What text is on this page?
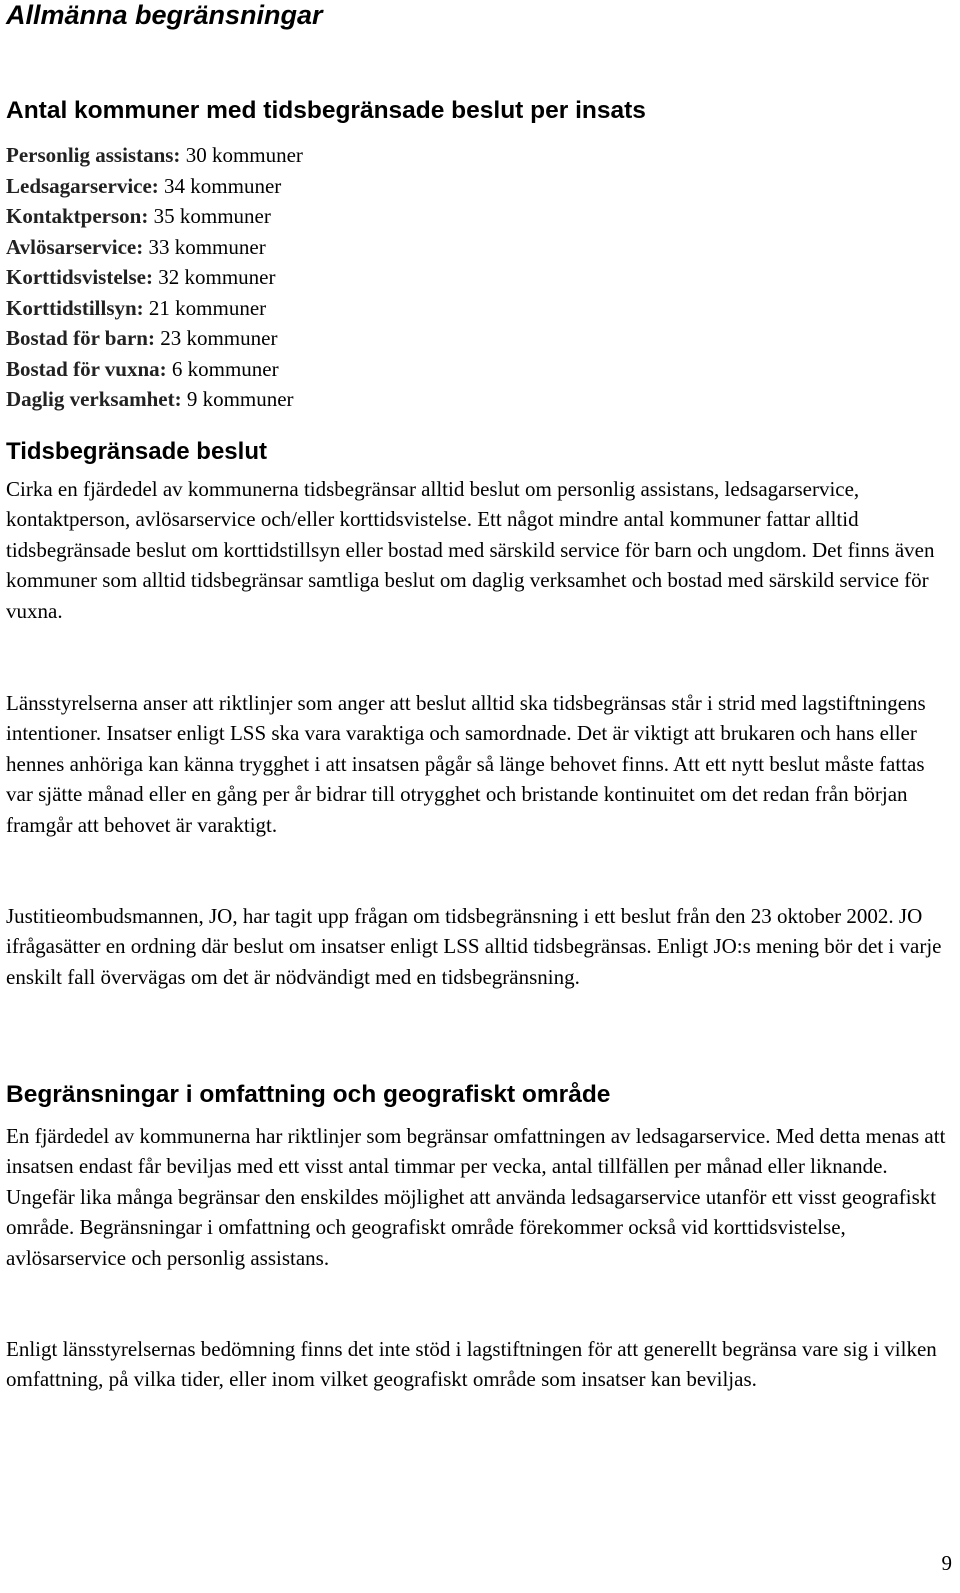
Allmänna begränsningar
Antal kommuner med tidsbegränsade beslut per insats
Personlig assistans: 30 kommuner
Ledsagarservice: 34 kommuner
Kontaktperson: 35 kommuner
Avlösarservice: 33 kommuner
Korttidsvistelse: 32 kommuner
Korttidstillsyn: 21 kommuner
Bostad för barn: 23 kommuner
Bostad för vuxna: 6 kommuner
Daglig verksamhet: 9 kommuner
Tidsbegränsade beslut

Cirka en fjärdedel av kommunerna tidsbegränsar alltid beslut om personlig assistans, ledsagarservice, kontaktperson, avlösarservice och/eller korttidsvistelse. Ett något mindre antal kommuner fattar alltid tidsbegränsade beslut om korttidstillsyn eller bostad med särskild service för barn och ungdom. Det finns även kommuner som alltid tidsbegränsar samtliga beslut om daglig verksamhet och bostad med särskild service för vuxna.

Länsstyrelserna anser att riktlinjer som anger att beslut alltid ska tidsbegränsas står i strid med lagstiftningens intentioner. Insatser enligt LSS ska vara varaktiga och samordnade. Det är viktigt att brukaren och hans eller hennes anhöriga kan känna trygghet i att insatsen pågår så länge behovet finns. Att ett nytt beslut måste fattas var sjätte månad eller en gång per år bidrar till otrygghet och bristande kontinuitet om det redan från början framgår att behovet är varaktigt.

Justitieombudsmannen, JO, har tagit upp frågan om tidsbegränsning i ett beslut från den 23 oktober 2002. JO ifrågasätter en ordning där beslut om insatser enligt LSS alltid tidsbegränsas. Enligt JO:s mening bör det i varje enskilt fall övervägas om det är nödvändigt med en tidsbegränsning.

Begränsningar i omfattning och geografiskt område

En fjärdedel av kommunerna har riktlinjer som begränsar omfattningen av ledsagarservice. Med detta menas att insatsen endast får beviljas med ett visst antal timmar per vecka, antal tillfällen per månad eller liknande. Ungefär lika många begränsar den enskildes möjlighet att använda ledsagarservice utanför ett visst geografiskt område. Begränsningar i omfattning och geografiskt område förekommer också vid korttidsvistelse, avlösarservice och personlig assistans.

Enligt länsstyrelsernas bedömning finns det inte stöd i lagstiftningen för att generellt begränsa vare sig i vilken omfattning, på vilka tider, eller inom vilket geografiskt område som insatser kan beviljas.

9
